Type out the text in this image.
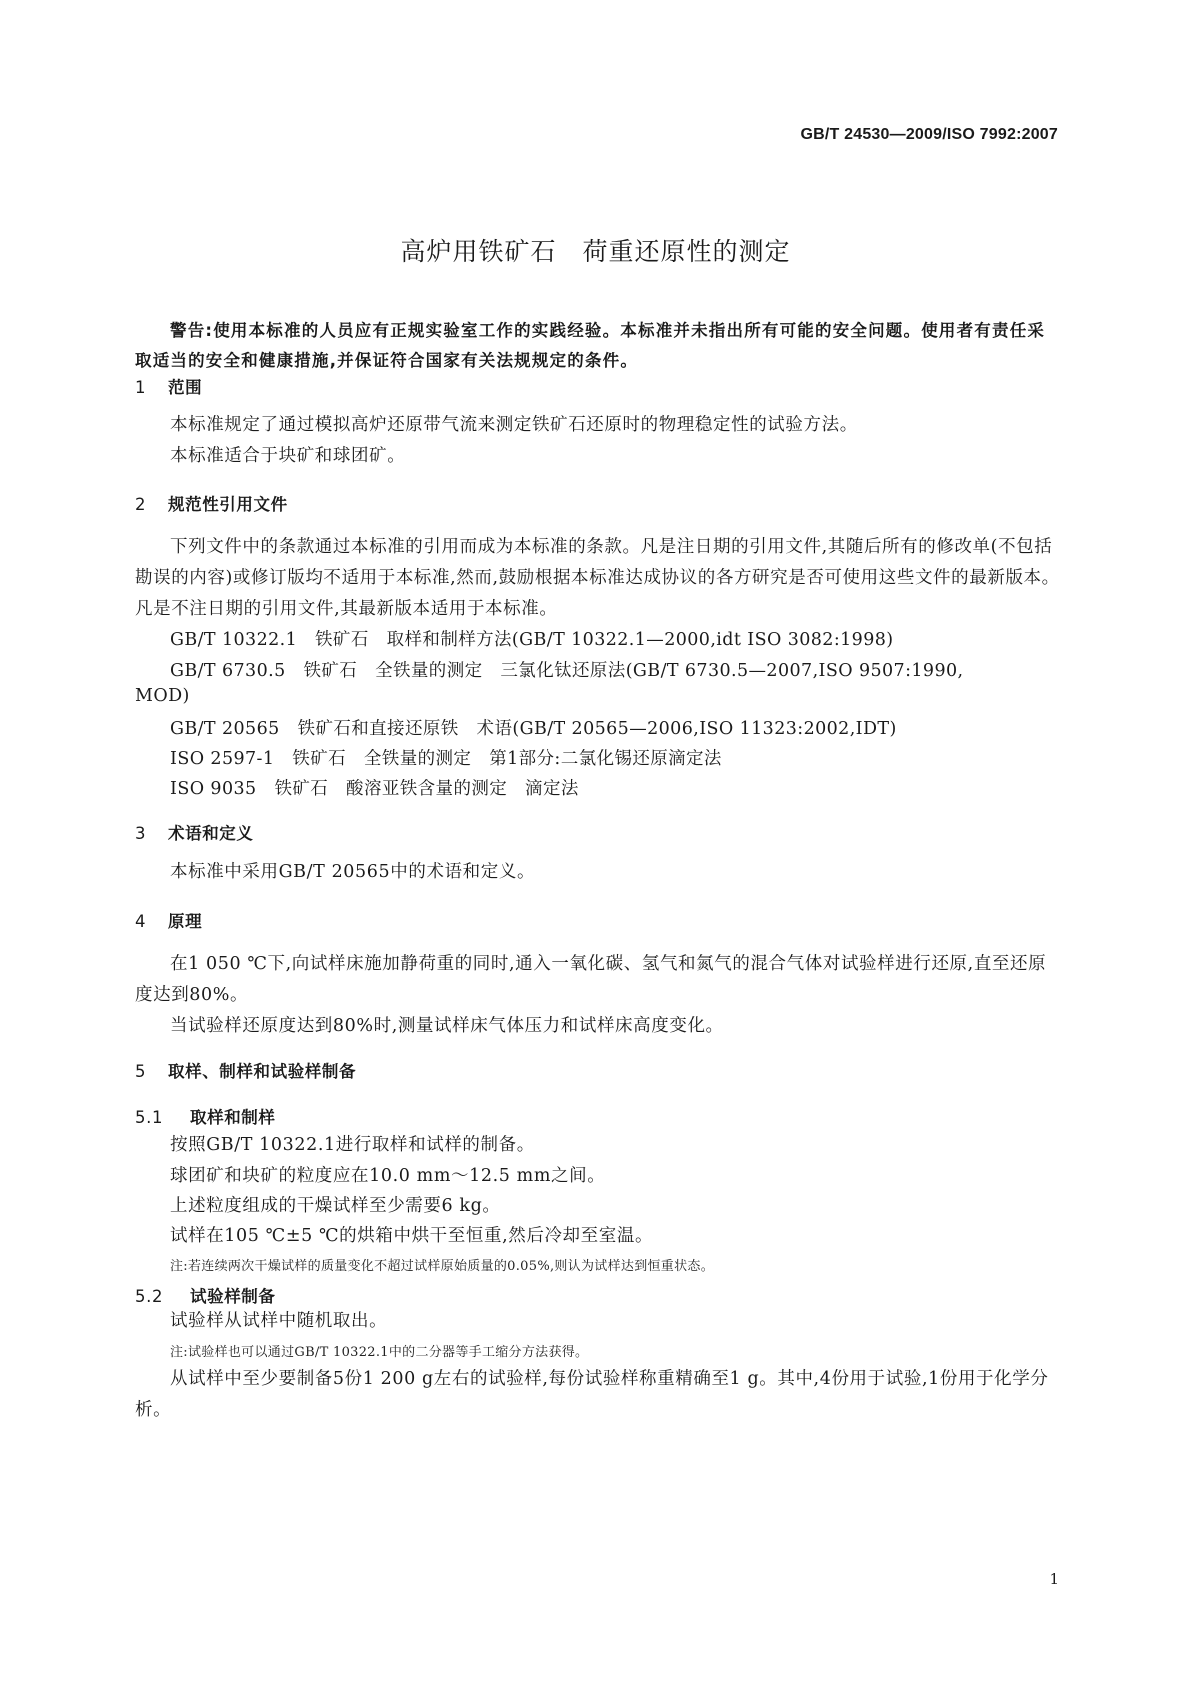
GB/T 24530—2009/ISO 7992:2007
高炉用铁矿石　荷重还原性的测定
警告:使用本标准的人员应有正规实验室工作的实践经验。本标准并未指出所有可能的安全问题。使用者有责任采取适当的安全和健康措施,并保证符合国家有关法规规定的条件。
1 范围
本标准规定了通过模拟高炉还原带气流来测定铁矿石还原时的物理稳定性的试验方法。
本标准适合于块矿和球团矿。
2 规范性引用文件
下列文件中的条款通过本标准的引用而成为本标准的条款。凡是注日期的引用文件,其随后所有的修改单(不包括勘误的内容)或修订版均不适用于本标准,然而,鼓励根据本标准达成协议的各方研究是否可使用这些文件的最新版本。凡是不注日期的引用文件,其最新版本适用于本标准。
GB/T 10322.1　铁矿石　取样和制样方法(GB/T 10322.1—2000,idt ISO 3082:1998)
GB/T 6730.5　铁矿石　全铁量的测定　三氯化钛还原法(GB/T 6730.5—2007,ISO 9507:1990,
MOD)
GB/T 20565　铁矿石和直接还原铁　术语(GB/T 20565—2006,ISO 11323:2002,IDT)
ISO 2597-1　铁矿石　全铁量的测定　第1部分:二氯化锡还原滴定法
ISO 9035　铁矿石　酸溶亚铁含量的测定　滴定法
3 术语和定义
本标准中采用GB/T 20565中的术语和定义。
4 原理
在1 050 ℃下,向试样床施加静荷重的同时,通入一氧化碳、氢气和氮气的混合气体对试验样进行还原,直至还原度达到80%。
当试验样还原度达到80%时,测量试样床气体压力和试样床高度变化。
5 取样、制样和试验样制备
5.1 取样和制样
按照GB/T 10322.1进行取样和试样的制备。
球团矿和块矿的粒度应在10.0 mm～12.5 mm之间。
上述粒度组成的干燥试样至少需要6 kg。
试样在105 ℃±5 ℃的烘箱中烘干至恒重,然后冷却至室温。
注:若连续两次干燥试样的质量变化不超过试样原始质量的0.05%,则认为试样达到恒重状态。
5.2 试验样制备
试验样从试样中随机取出。
注:试验样也可以通过GB/T 10322.1中的二分器等手工缩分方法获得。
从试样中至少要制备5份1 200 g左右的试验样,每份试验样称重精确至1 g。其中,4份用于试验,1份用于化学分析。
1
